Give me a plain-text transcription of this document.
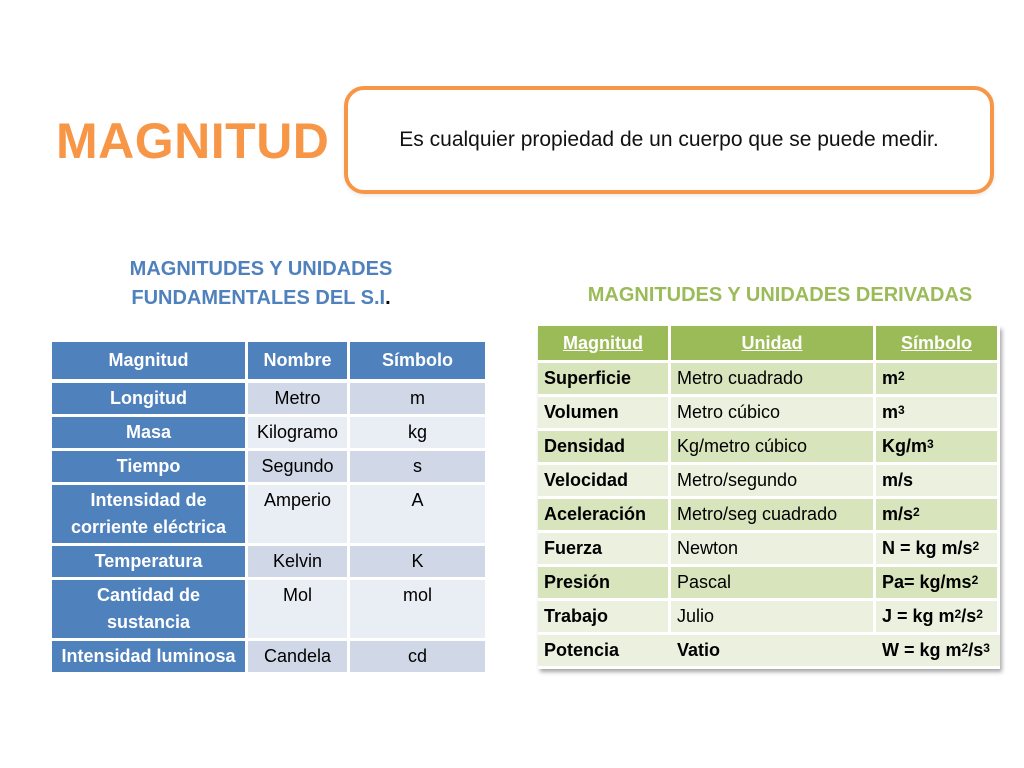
MAGNITUD	Es cualquier propiedad de un cuerpo que se puede medir.
MAGNITUDES Y UNIDADES
FUNDAMENTALES DEL S.I.	MAGNITUDES Y UNIDADES DERIVADAS
Magnitud	Nombre	Símbolo
Longitud	Metro	m
Masa	Kilogramo	kg
Tiempo	Segundo	s
Intensidad de corriente eléctrica	Amperio	A
Temperatura	Kelvin	K
Cantidad de sustancia	Mol	mol
Intensidad luminosa	Candela	cd
Magnitud	Unidad	Símbolo
Superficie	Metro cuadrado	$m^2$
Volumen	Metro cúbico	$m^3$
Densidad	Kg/metro cúbico	$Kg/m^3$
Velocidad	Metro/segundo	m/s
Aceleración	Metro/seg cuadrado	$m/s^2$
Fuerza	Newton	N = kg $m/s^2$
Presión	Pascal	$Pa= kg/ms^2$
Trabajo	Julio	J = kg $m^2/s^2$
Potencia	Vatio	W = kg $m^2/s^3$
